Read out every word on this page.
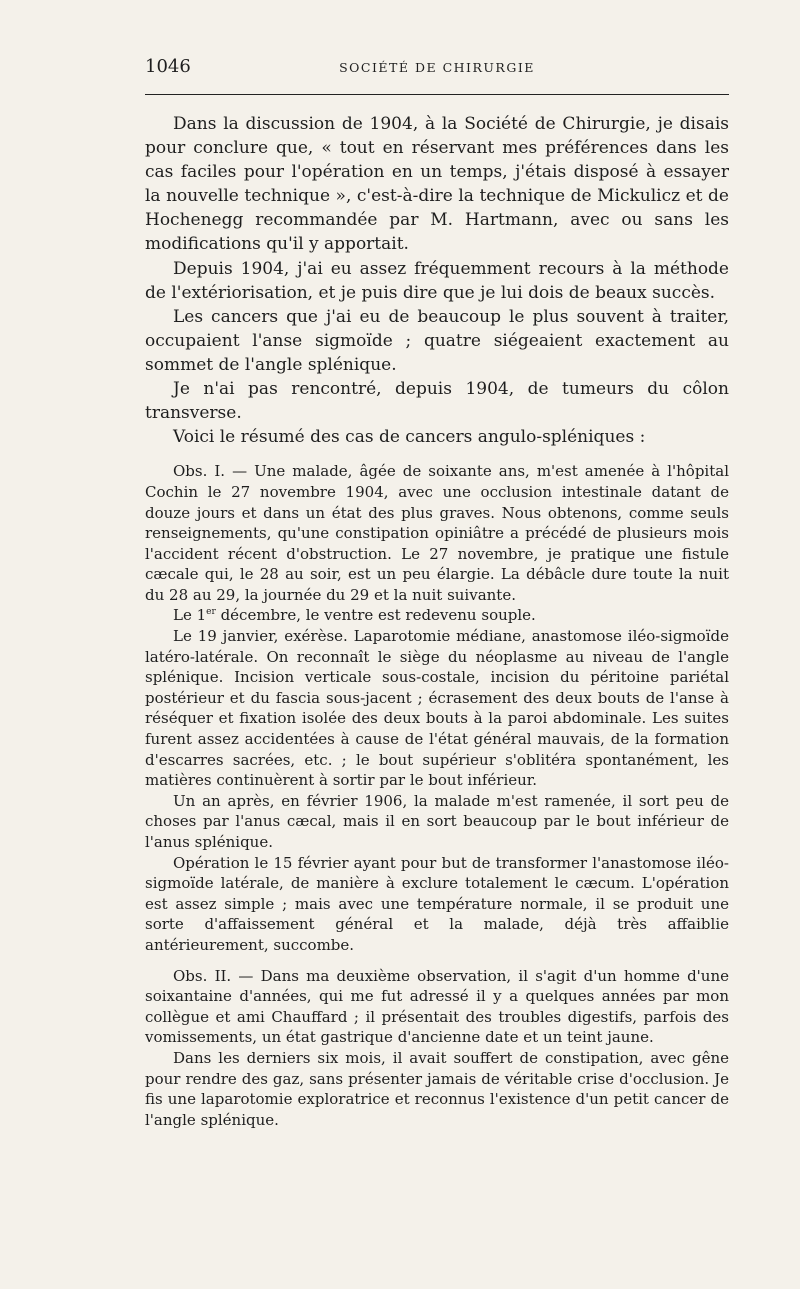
1046	SOCIÉTÉ DE CHIRURGIE

Dans la discussion de 1904, à la Société de Chirurgie, je disais pour conclure que, « tout en réservant mes préférences dans les cas faciles pour l'opération en un temps, j'étais disposé à essayer la nouvelle technique », c'est-à-dire la technique de Mickulicz et de Hochenegg recommandée par M. Hartmann, avec ou sans les modifications qu'il y apportait.

Depuis 1904, j'ai eu assez fréquemment recours à la méthode de l'extériorisation, et je puis dire que je lui dois de beaux succès.

Les cancers que j'ai eu de beaucoup le plus souvent à traiter, occupaient l'anse sigmoïde ; quatre siégeaient exactement au sommet de l'angle splénique.

Je n'ai pas rencontré, depuis 1904, de tumeurs du côlon transverse.

Voici le résumé des cas de cancers angulo-spléniques :

Obs. I. — Une malade, âgée de soixante ans, m'est amenée à l'hôpital Cochin le 27 novembre 1904, avec une occlusion intestinale datant de douze jours et dans un état des plus graves. Nous obtenons, comme seuls renseignements, qu'une constipation opiniâtre a précédé de plusieurs mois l'accident récent d'obstruction. Le 27 novembre, je pratique une fistule cæcale qui, le 28 au soir, est un peu élargie. La débâcle dure toute la nuit du 28 au 29, la journée du 29 et la nuit suivante.

Le 1er décembre, le ventre est redevenu souple.

Le 19 janvier, exérèse. Laparotomie médiane, anastomose iléo-sigmoïde latéro-latérale. On reconnaît le siège du néoplasme au niveau de l'angle splénique. Incision verticale sous-costale, incision du péritoine pariétal postérieur et du fascia sous-jacent ; écrasement des deux bouts de l'anse à réséquer et fixation isolée des deux bouts à la paroi abdominale. Les suites furent assez accidentées à cause de l'état général mauvais, de la formation d'escarres sacrées, etc. ; le bout supérieur s'oblitéra spontanément, les matières continuèrent à sortir par le bout inférieur.

Un an après, en février 1906, la malade m'est ramenée, il sort peu de choses par l'anus cæcal, mais il en sort beaucoup par le bout inférieur de l'anus splénique.

Opération le 15 février ayant pour but de transformer l'anastomose iléo-sigmoïde latérale, de manière à exclure totalement le cæcum. L'opération est assez simple ; mais avec une température normale, il se produit une sorte d'affaissement général et la malade, déjà très affaiblie antérieurement, succombe.

Obs. II. — Dans ma deuxième observation, il s'agit d'un homme d'une soixantaine d'années, qui me fut adressé il y a quelques années par mon collègue et ami Chauffard ; il présentait des troubles digestifs, parfois des vomissements, un état gastrique d'ancienne date et un teint jaune.

Dans les derniers six mois, il avait souffert de constipation, avec gêne pour rendre des gaz, sans présenter jamais de véritable crise d'occlusion. Je fis une laparotomie exploratrice et reconnus l'existence d'un petit cancer de l'angle splénique.
